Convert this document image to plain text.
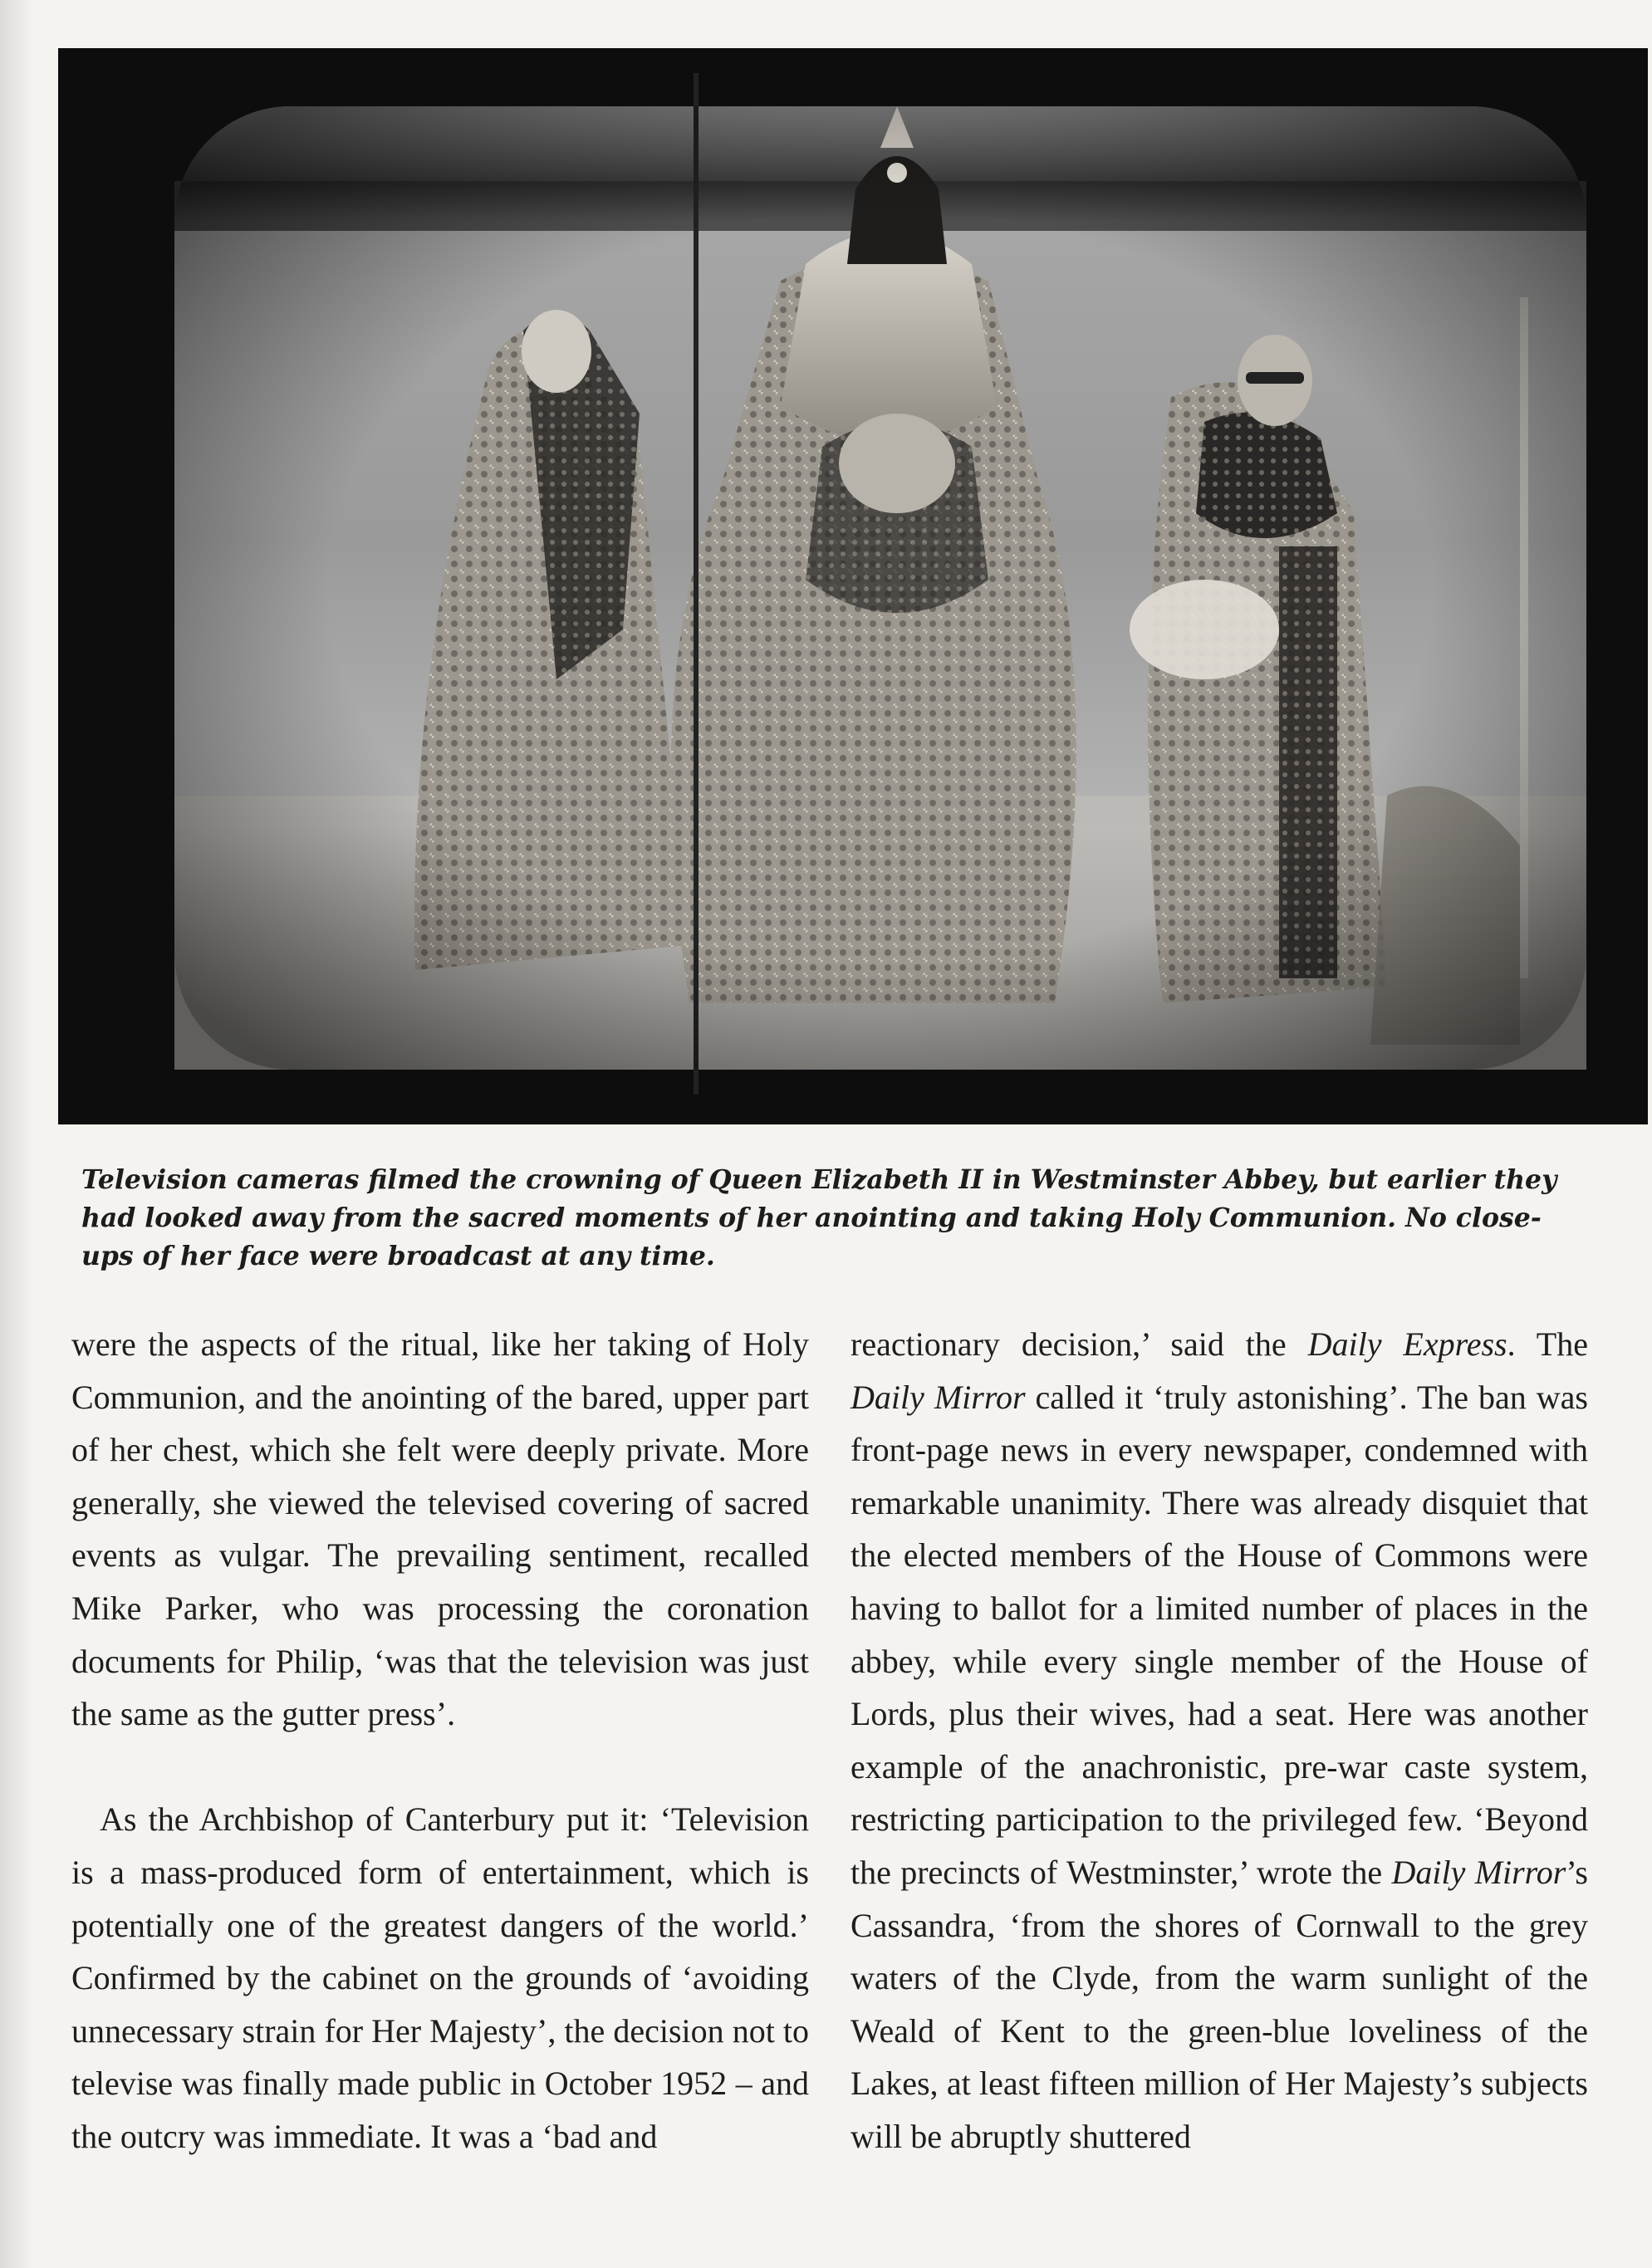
Television cameras filmed the crowning of Queen Elizabeth II in Westminster Abbey, but earlier they had looked away from the sacred moments of her anointing and taking Holy Communion. No close-ups of her face were broadcast at any time.

were the aspects of the ritual, like her taking of Holy Communion, and the anointing of the bared, upper part of her chest, which she felt were deeply private. More generally, she viewed the televised covering of sacred events as vulgar. The prevailing sentiment, recalled Mike Parker, who was processing the coronation documents for Philip, ‘was that the television was just the same as the gutter press’.

As the Archbishop of Canterbury put it: ‘Television is a mass-produced form of entertainment, which is potentially one of the greatest dangers of the world.’ Confirmed by the cabinet on the grounds of ‘avoiding unnecessary strain for Her Majesty’, the decision not to televise was finally made public in October 1952 – and the outcry was immediate. It was a ‘bad and

reactionary decision,’ said the Daily Express. The Daily Mirror called it ‘truly astonishing’. The ban was front-page news in every newspaper, condemned with remarkable unanimity. There was already disquiet that the elected members of the House of Commons were having to ballot for a limited number of places in the abbey, while every single member of the House of Lords, plus their wives, had a seat. Here was another example of the anachronistic, pre-war caste system, restricting participation to the privileged few. ‘Beyond the precincts of Westminster,’ wrote the Daily Mirror’s Cassandra, ‘from the shores of Cornwall to the grey waters of the Clyde, from the warm sunlight of the Weald of Kent to the green-blue loveliness of the Lakes, at least fifteen million of Her Majesty’s subjects will be abruptly shuttered
